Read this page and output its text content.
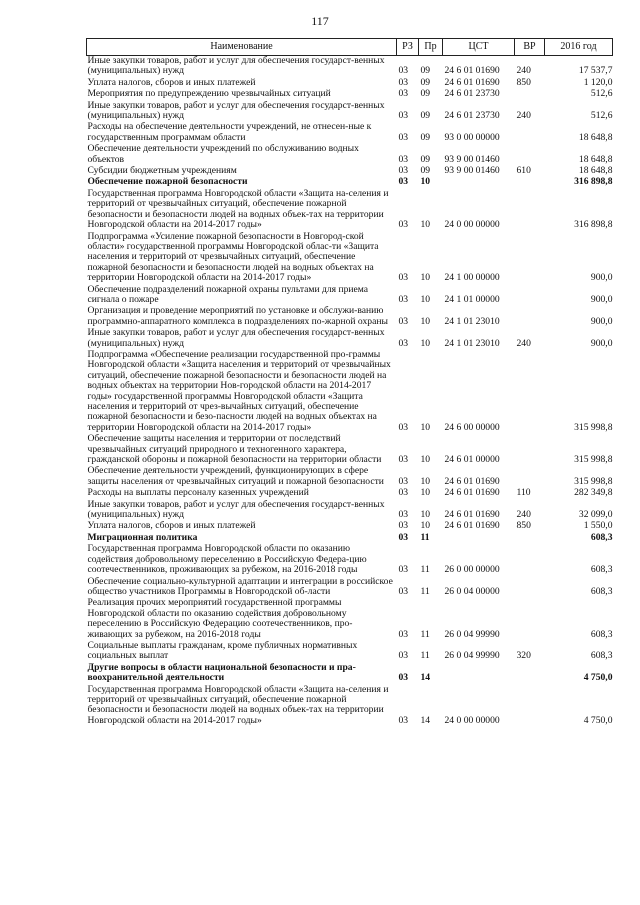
117
Наименование	РЗ	Пр	ЦСТ	ВР	2016 год
Иные закупки товаров, работ и услуг для обеспечения государст-венных (муниципальных) нужд	03	09	24 6 01 01690	240	17 537,7
Уплата налогов, сборов и иных платежей	03	09	24 6 01 01690	850	1 120,0
Мероприятия по предупреждению чрезвычайных ситуаций	03	09	24 6 01 23730		512,6
Иные закупки товаров, работ и услуг для обеспечения государст-венных (муниципальных) нужд	03	09	24 6 01 23730	240	512,6
Расходы на обеспечение деятельности учреждений, не отнесен-ные к государственным программам области	03	09	93 0 00 00000		18 648,8
Обеспечение деятельности учреждений по обслуживанию водных объектов	03	09	93 9 00 01460		18 648,8
Субсидии бюджетным учреждениям	03	09	93 9 00 01460	610	18 648,8
Обеспечение пожарной безопасности	03	10			316 898,8
Государственная программа Новгородской области «Защита на-селения и территорий от чрезвычайных ситуаций, обеспечение пожарной безопасности и безопасности людей на водных объек-тах на территории Новгородской области на 2014-2017 годы»	03	10	24 0 00 00000		316 898,8
Подпрограмма «Усиление пожарной безопасности в Новгород-ской области» государственной программы Новгородской облас-ти «Защита населения и территорий от чрезвычайных ситуаций, обеспечение пожарной безопасности и безопасности людей на водных объектах на территории Новгородской области на 2014-2017 годы»	03	10	24 1 00 00000		900,0
Обеспечение подразделений пожарной охраны пультами для приема сигнала о пожаре	03	10	24 1 01 00000		900,0
Организация и проведение мероприятий по установке и обслужи-ванию программно-аппаратного комплекса в подразделениях по-жарной охраны	03	10	24 1 01 23010		900,0
Иные закупки товаров, работ и услуг для обеспечения государст-венных (муниципальных) нужд	03	10	24 1 01 23010	240	900,0
Подпрограмма «Обеспечение реализации государственной про-граммы Новгородской области «Защита населения и территорий от чрезвычайных ситуаций, обеспечение пожарной безопасности и безопасности людей на водных объектах на территории Нов-городской области на 2014-2017 годы» государственной программы Новгородской области «Защита населения и территорий от чрез-вычайных ситуаций, обеспечение пожарной безопасности и безо-пасности людей на водных объектах на территории Новгородской области на 2014-2017 годы»	03	10	24 6 00 00000		315 998,8
Обеспечение защиты населения и территории от последствий чрезвычайных ситуаций природного и техногенного характера, гражданской обороны и пожарной безопасности на территории области	03	10	24 6 01 00000		315 998,8
Обеспечение деятельности учреждений, функционирующих в сфере защиты населения от чрезвычайных ситуаций и пожарной безопасности	03	10	24 6 01 01690		315 998,8
Расходы на выплаты персоналу казенных учреждений	03	10	24 6 01 01690	110	282 349,8
Иные закупки товаров, работ и услуг для обеспечения государст-венных (муниципальных) нужд	03	10	24 6 01 01690	240	32 099,0
Уплата налогов, сборов и иных платежей	03	10	24 6 01 01690	850	1 550,0
Миграционная политика	03	11			608,3
Государственная программа Новгородской области по оказанию содействия добровольному переселению в Российскую Федера-цию соотечественников, проживающих за рубежом, на 2016-2018 годы	03	11	26 0 00 00000		608,3
Обеспечение социально-культурной адаптации и интеграции в российское общество участников Программы в Новгородской об-ласти	03	11	26 0 04 00000		608,3
Реализация прочих мероприятий государственной программы Новгородской области по оказанию содействия добровольному переселению в Российскую Федерацию соотечественников, про-живающих за рубежом, на 2016-2018 годы	03	11	26 0 04 99990		608,3
Социальные выплаты гражданам, кроме публичных нормативных социальных выплат	03	11	26 0 04 99990	320	608,3
Другие вопросы в области национальной безопасности и пра-воохранительной деятельности	03	14			4 750,0
Государственная программа Новгородской области «Защита на-селения и территорий от чрезвычайных ситуаций, обеспечение пожарной безопасности и безопасности людей на водных объек-тах на территории Новгородской области на 2014-2017 годы»	03	14	24 0 00 00000		4 750,0
